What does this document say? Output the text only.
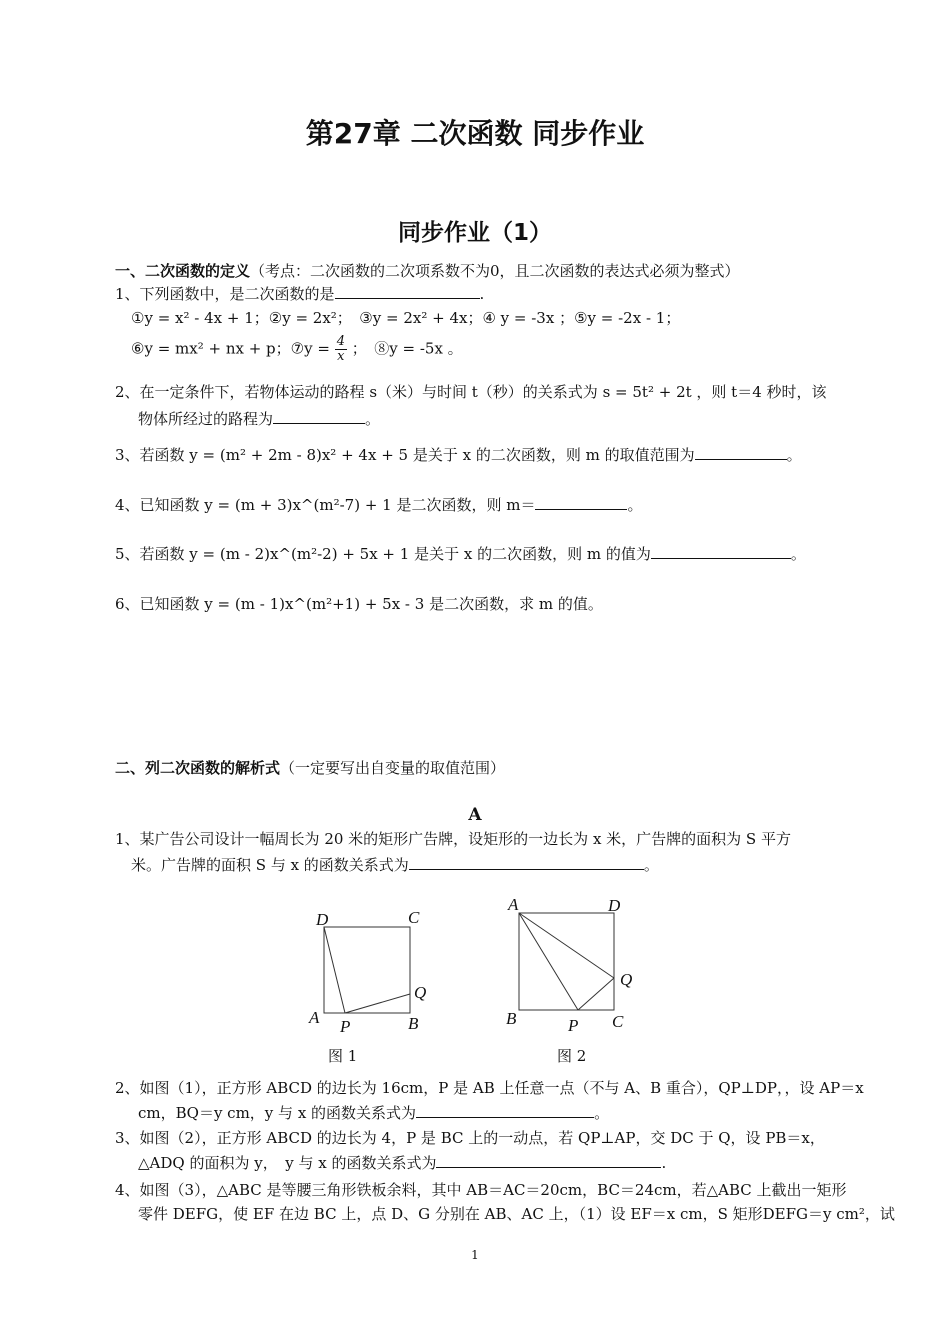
第27章 二次函数 同步作业
同步作业（1）
一、二次函数的定义（考点：二次函数的二次项系数不为0，且二次函数的表达式必须为整式）
1、下列函数中，是二次函数的是	.
①y = x² - 4x + 1；②y = 2x²；　③y = 2x² + 4x；④ y = -3x ；⑤y = -2x - 1；
⑥y = mx² + nx + p；⑦y = $\frac{4}{x}$ ；　⑧y = -5x 。
2、在一定条件下，若物体运动的路程 s（米）与时间 t（秒）的关系式为 s = 5t² + 2t ，则 t＝4 秒时，该
物体所经过的路程为	。
3、若函数 y = (m² + 2m - 8)x² + 4x + 5 是关于 x 的二次函数，则 m 的取值范围为	。
4、已知函数 y = (m + 3)x^(m²-7) + 1 是二次函数，则 m＝	。
5、若函数 y = (m - 2)x^(m²-2) + 5x + 1 是关于 x 的二次函数，则 m 的值为	。
6、已知函数 y = (m - 1)x^(m²+1) + 5x - 3 是二次函数，求 m 的值。
二、列二次函数的解析式（一定要写出自变量的取值范围）
A
1、某广告公司设计一幅周长为 20 米的矩形广告牌，设矩形的一边长为 x 米，广告牌的面积为 S 平方
米。广告牌的面积 S 与 x 的函数关系式为	。
D	C
Q
A P	B
图 1
A	D
Q
B	P C
图 2
2、如图（1），正方形 ABCD 的边长为 16cm，P 是 AB 上任意一点（不与 A、B 重合），QP⊥DP，，设 AP＝x
cm，BQ＝y cm，y 与 x 的函数关系式为	。
3、如图（2），正方形 ABCD 的边长为 4，P 是 BC 上的一动点，若 QP⊥AP，交 DC 于 Q，设 PB＝x，
△ADQ 的面积为 y，　y 与 x 的函数关系式为	.
4、如图（3），△ABC 是等腰三角形铁板余料，其中 AB＝AC＝20cm，BC＝24cm，若△ABC 上截出一矩形
零件 DEFG，使 EF 在边 BC 上，点 D、G 分别在 AB、AC 上，（1）设 EF＝x cm，S 矩形DEFG＝y cm²，试
1
